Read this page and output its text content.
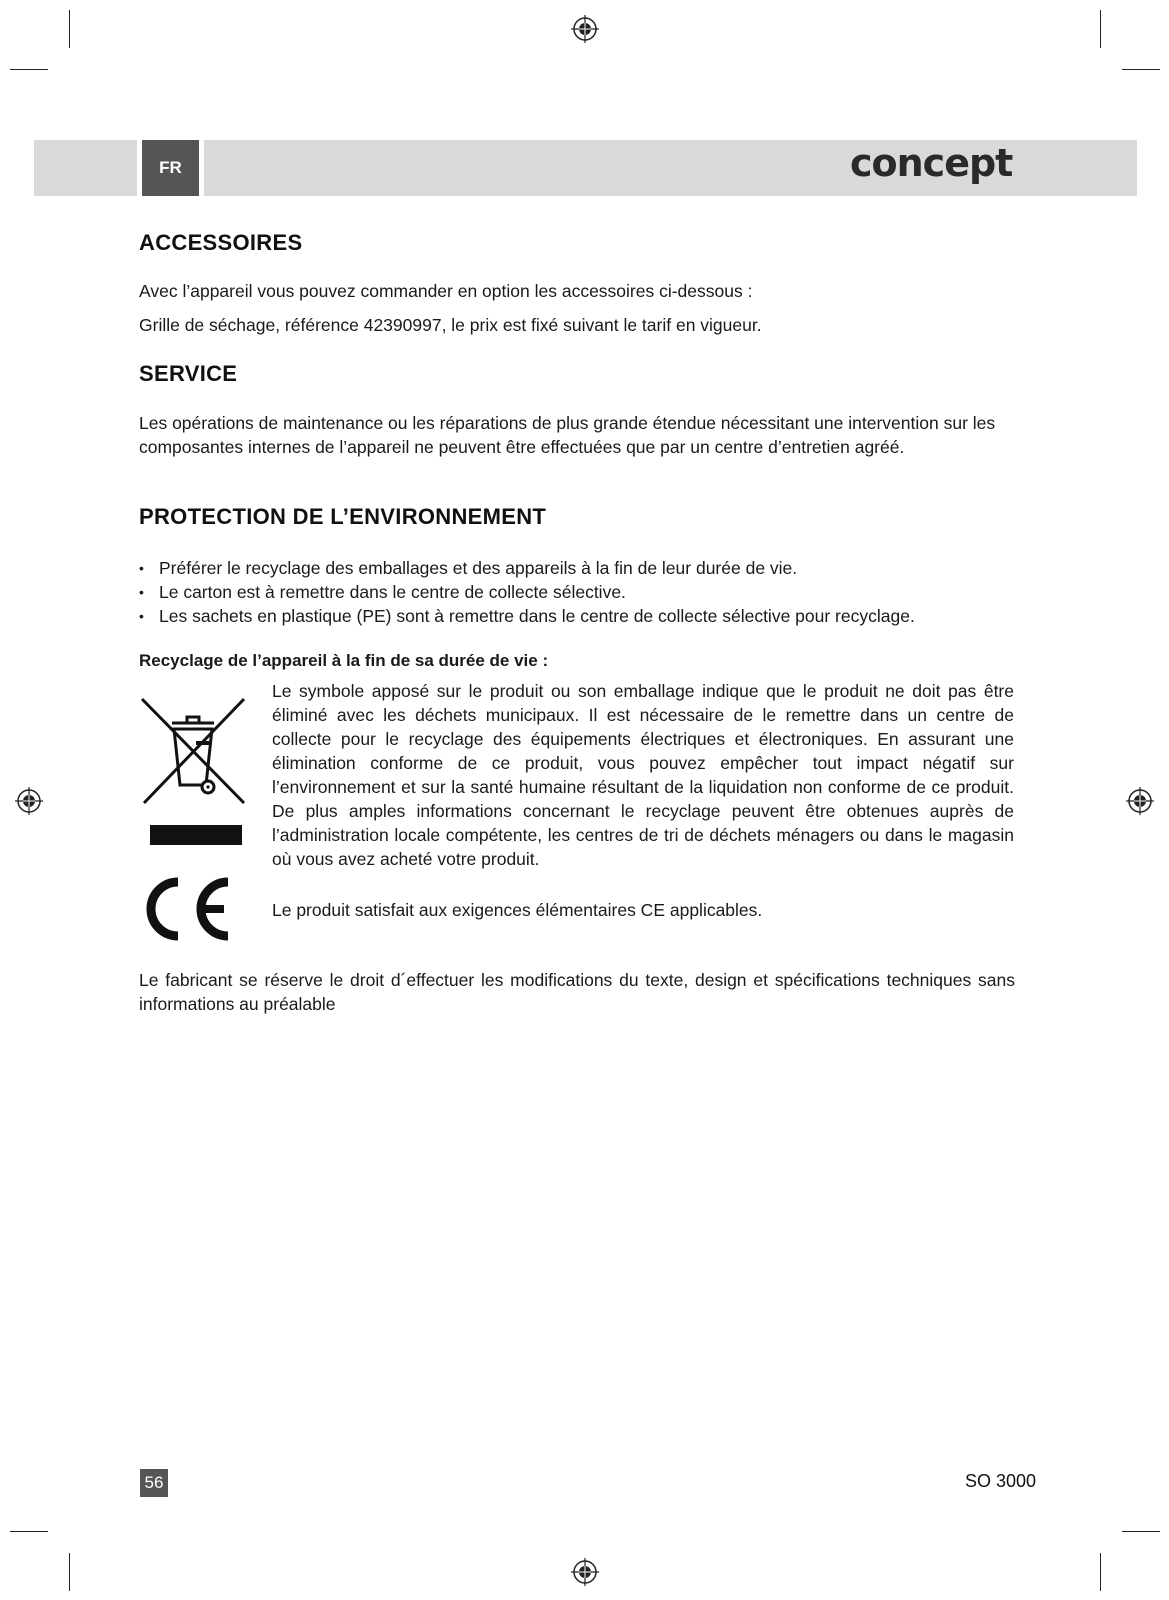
FR	concept
ACCESSOIRES

Avec l’appareil vous pouvez commander en option les accessoires ci-dessous :

Grille de séchage, référence 42390997, le prix est fixé suivant le tarif en vigueur.

SERVICE

Les opérations de maintenance ou les réparations de plus grande étendue nécessitant une intervention sur les composantes internes de l’appareil ne peuvent être effectuées que par un centre d’entretien agréé.

PROTECTION DE L’ENVIRONNEMENT
• Préférer le recyclage des emballages et des appareils à la fin de leur durée de vie.
• Le carton est à remettre dans le centre de collecte sélective.
• Les sachets en plastique (PE) sont à remettre dans le centre de collecte sélective pour recyclage.

Recyclage de l’appareil à la fin de sa durée de vie :

Le symbole apposé sur le produit ou son emballage indique que le produit ne doit pas être éliminé avec les déchets municipaux. Il est nécessaire de le remettre dans un centre de collecte pour le recyclage des équipements électriques et électroniques. En assurant une élimination conforme de ce produit, vous pouvez empêcher tout impact négatif sur l’environnement et sur la santé humaine résultant de la liquidation non conforme de ce produit. De plus amples informations concernant le recyclage peuvent être obtenues auprès de l’administration locale compétente, les centres de tri de déchets ménagers ou dans le magasin où vous avez acheté votre produit.

Le produit satisfait aux exigences élémentaires CE applicables.

Le fabricant se réserve le droit d´effectuer les modifications du texte, design et spécifications techniques sans informations au préalable

56	SO 3000
